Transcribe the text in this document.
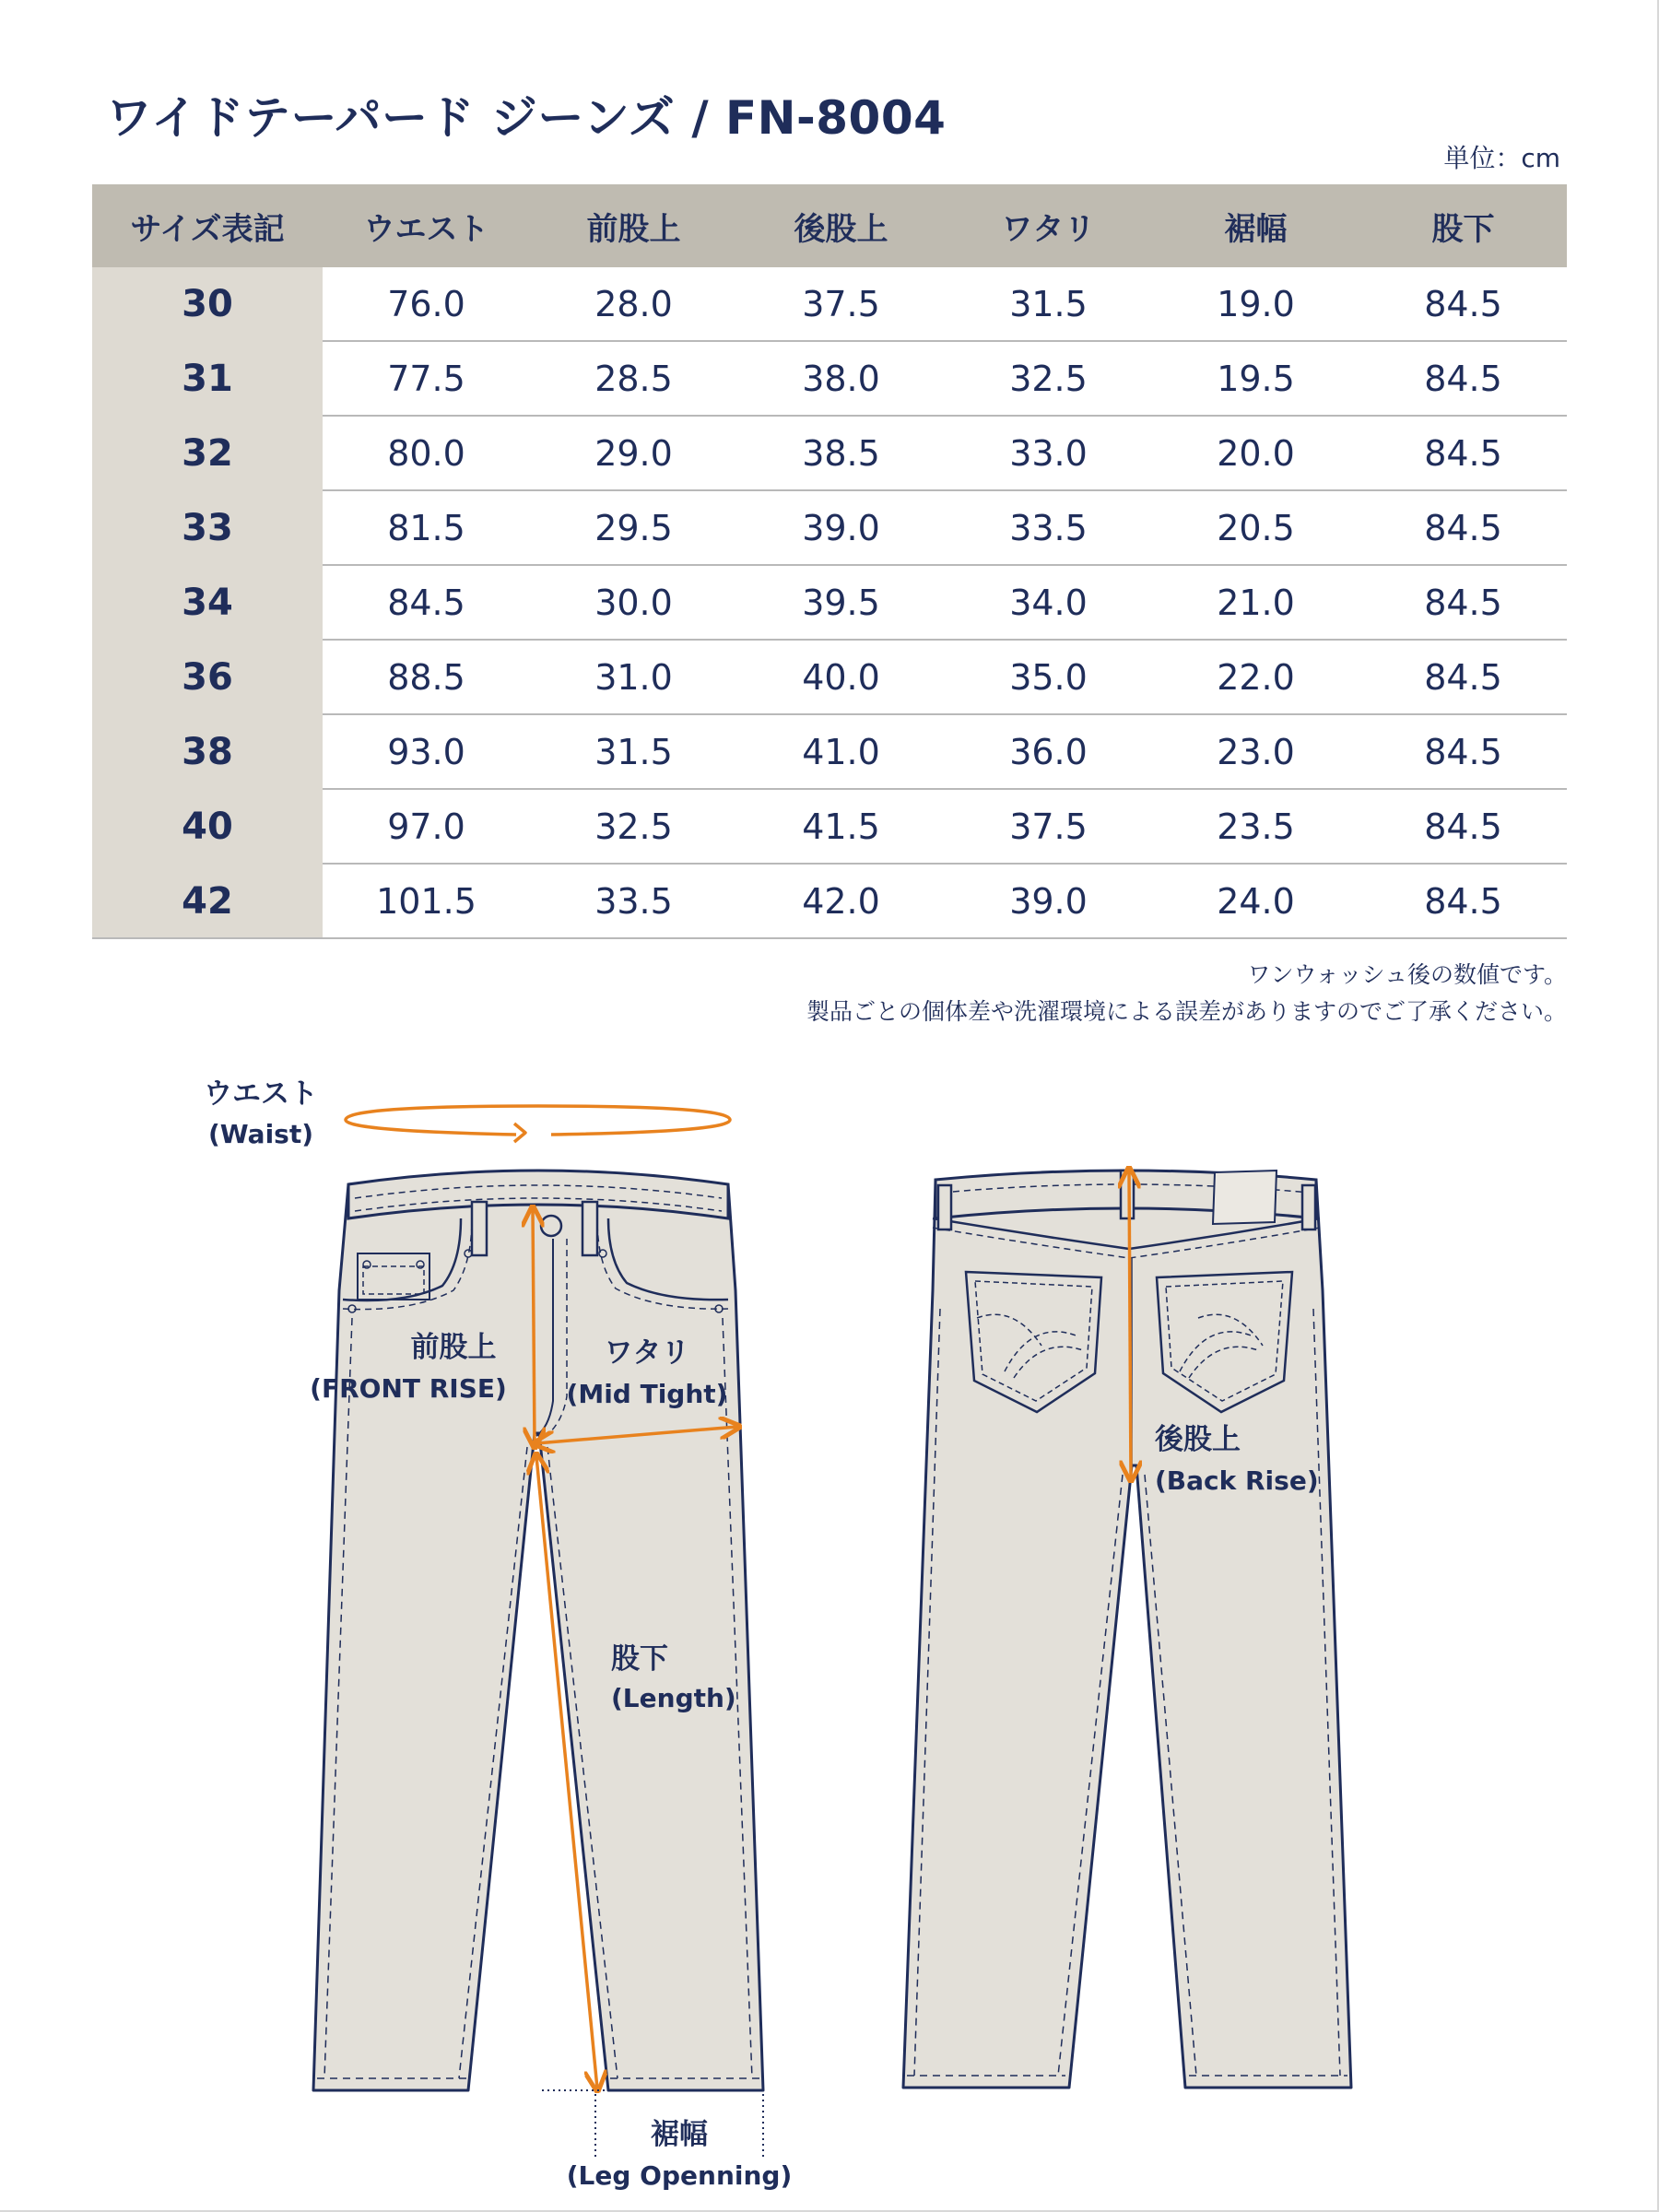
ワイドテーパード ジーンズ / FN-8004
単位：cm
サイズ表記	ウエスト	前股上	後股上	ワタリ	裾幅	股下
30	76.0	28.0	37.5	31.5	19.0	84.5
31	77.5	28.5	38.0	32.5	19.5	84.5
32	80.0	29.0	38.5	33.0	20.0	84.5
33	81.5	29.5	39.0	33.5	20.5	84.5
34	84.5	30.0	39.5	34.0	21.0	84.5
36	88.5	31.0	40.0	35.0	22.0	84.5
38	93.0	31.5	41.0	36.0	23.0	84.5
40	97.0	32.5	41.5	37.5	23.5	84.5
42	101.5	33.5	42.0	39.0	24.0	84.5
ワンウォッシュ後の数値です。
製品ごとの個体差や洗濯環境による誤差がありますのでご了承ください。
ウエスト
(Waist)
前股上
(FRONT RISE)
ワタリ
(Mid Tight)
股下
(Length)
裾幅
(Leg Openning)
後股上
(Back Rise)
